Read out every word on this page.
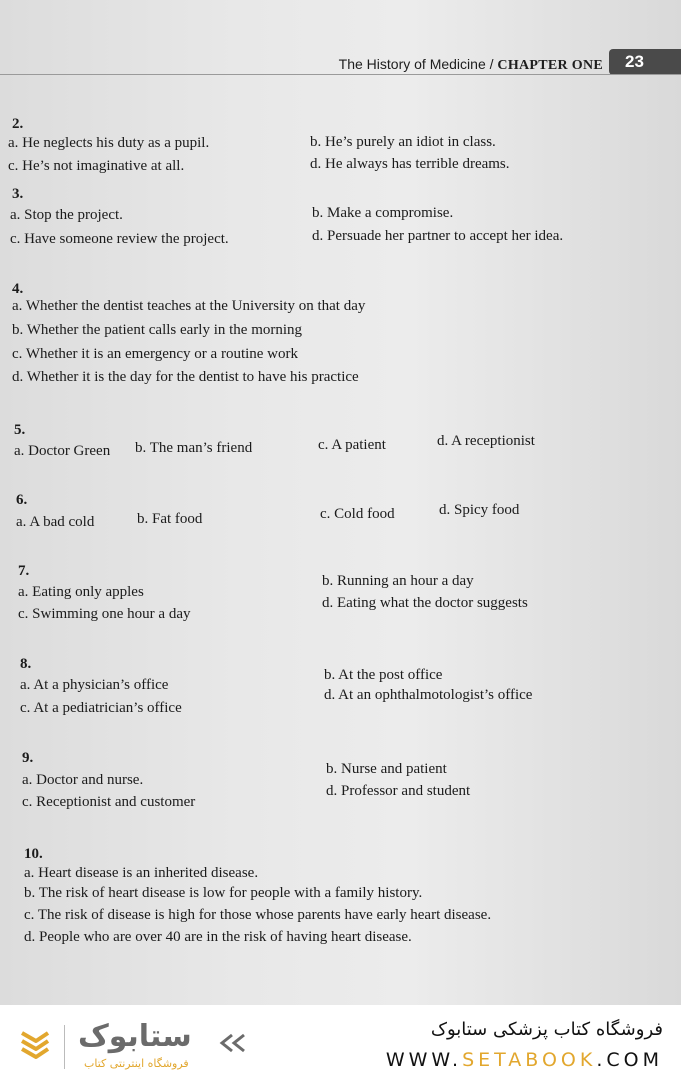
The History of Medicine / CHAPTER ONE	23
2.
a. He neglects his duty as a pupil.	b. He’s purely an idiot in class.
c. He’s not imaginative at all.	d. He always has terrible dreams.
3.
a. Stop the project.	b. Make a compromise.
c. Have someone review the project.	d. Persuade her partner to accept her idea.
4.
a. Whether the dentist teaches at the University on that day
b. Whether the patient calls early in the morning
c. Whether it is an emergency or a routine work
d. Whether it is the day for the dentist to have his practice
5.
a. Doctor Green b. The man’s friend	c. A patient	d. A receptionist
6.
a. A bad cold	b. Fat food	c. Cold food	d. Spicy food
7.
a. Eating only apples
b. Running an hour a day
c. Swimming one hour a day
d. Eating what the doctor suggests
8.
a. At a physician’s office
b. At the post office
c. At a pediatrician’s office
d. At an ophthalmotologist’s office
9.
a. Doctor and nurse.
b. Nurse and patient
c. Receptionist and customer
d. Professor and student
10.
a. Heart disease is an inherited disease.
b. The risk of heart disease is low for people with a family history.
c. The risk of disease is high for those whose parents have early heart disease.
d. People who are over 40 are in the risk of having heart disease.
ستابوک
فروشگاه اینترنتی کتاب
فروشگاه کتاب پزشکی ستابوک
WWW.SETABOOK.COM
